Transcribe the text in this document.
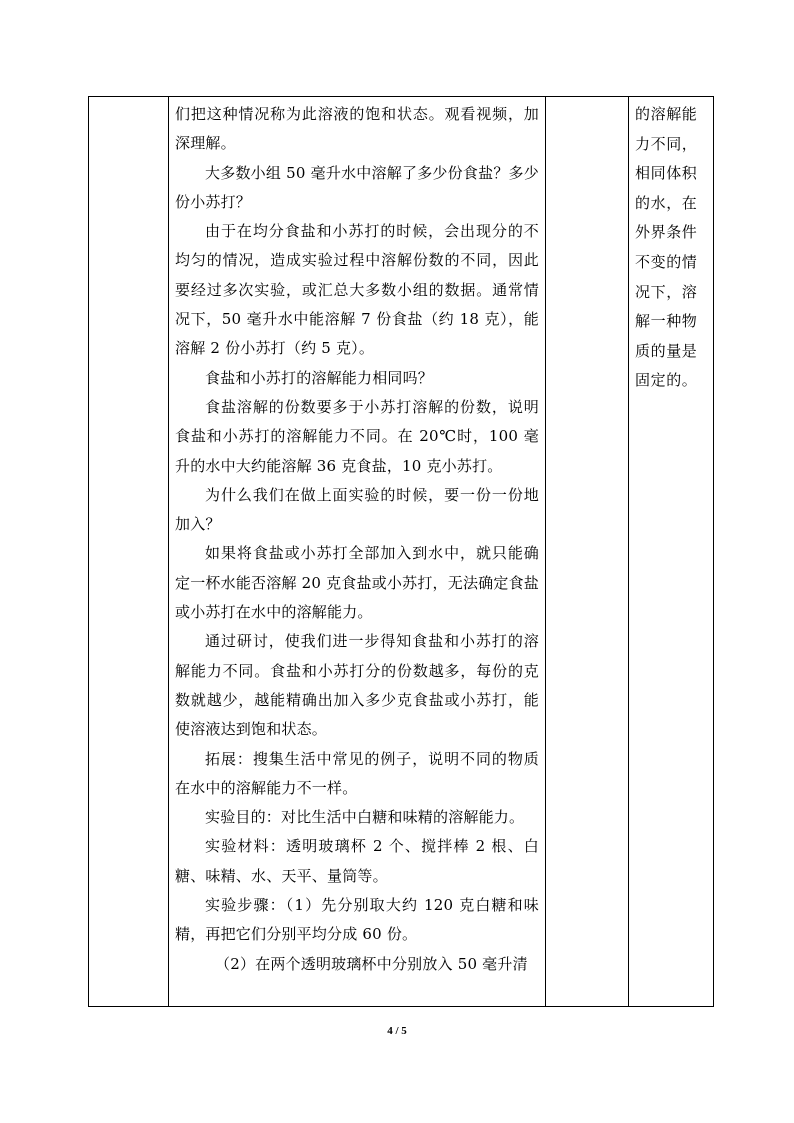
们把这种情况称为此溶液的饱和状态。观看视频，加深理解。

大多数小组 50 毫升水中溶解了多少份食盐？多少份小苏打？

由于在均分食盐和小苏打的时候，会出现分的不均匀的情况，造成实验过程中溶解份数的不同，因此要经过多次实验，或汇总大多数小组的数据。通常情况下，50 毫升水中能溶解 7 份食盐（约 18 克），能溶解 2 份小苏打（约 5 克）。

食盐和小苏打的溶解能力相同吗？

食盐溶解的份数要多于小苏打溶解的份数，说明食盐和小苏打的溶解能力不同。在 20℃时，100 毫升的水中大约能溶解 36 克食盐，10 克小苏打。

为什么我们在做上面实验的时候，要一份一份地加入？

如果将食盐或小苏打全部加入到水中，就只能确定一杯水能否溶解 20 克食盐或小苏打，无法确定食盐或小苏打在水中的溶解能力。

通过研讨，使我们进一步得知食盐和小苏打的溶解能力不同。食盐和小苏打分的份数越多，每份的克数就越少，越能精确出加入多少克食盐或小苏打，能使溶液达到饱和状态。

拓展：搜集生活中常见的例子，说明不同的物质在水中的溶解能力不一样。

实验目的：对比生活中白糖和味精的溶解能力。

实验材料：透明玻璃杯 2 个、搅拌棒 2 根、白糖、味精、水、天平、量筒等。

实验步骤：（1）先分别取大约 120 克白糖和味精，再把它们分别平均分成 60 份。

（2）在两个透明玻璃杯中分别放入 50 毫升清

的溶解能力不同，相同体积的水，在外界条件不变的情况下，溶解一种物质的量是固定的。
4 / 5
